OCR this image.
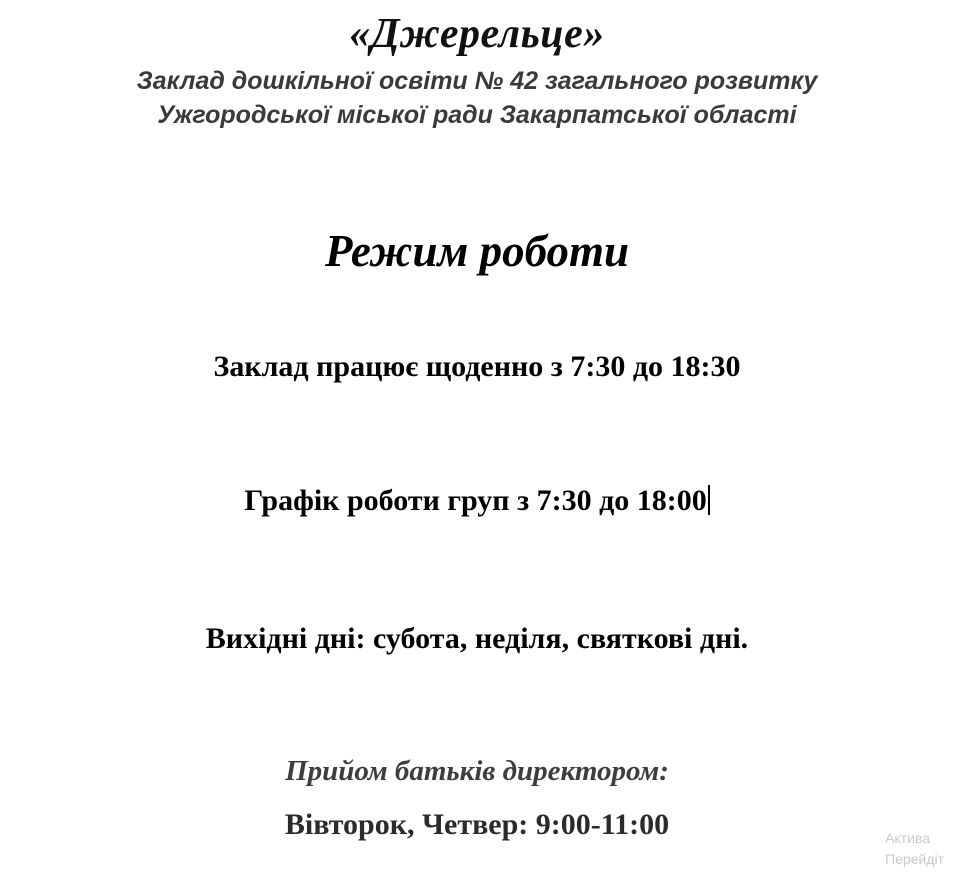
«Джерельце»
Заклад дошкільної освіти № 42 загального розвитку
Ужгородської міської ради Закарпатської області
Режим роботи
Заклад працює щоденно з 7:30 до 18:30
Графік роботи груп з 7:30 до 18:00
Вихідні дні: субота, неділя, святкові дні.
Прийом батьків директором:
Вівторок, Четвер: 9:00-11:00	Актива
Перейдіт
